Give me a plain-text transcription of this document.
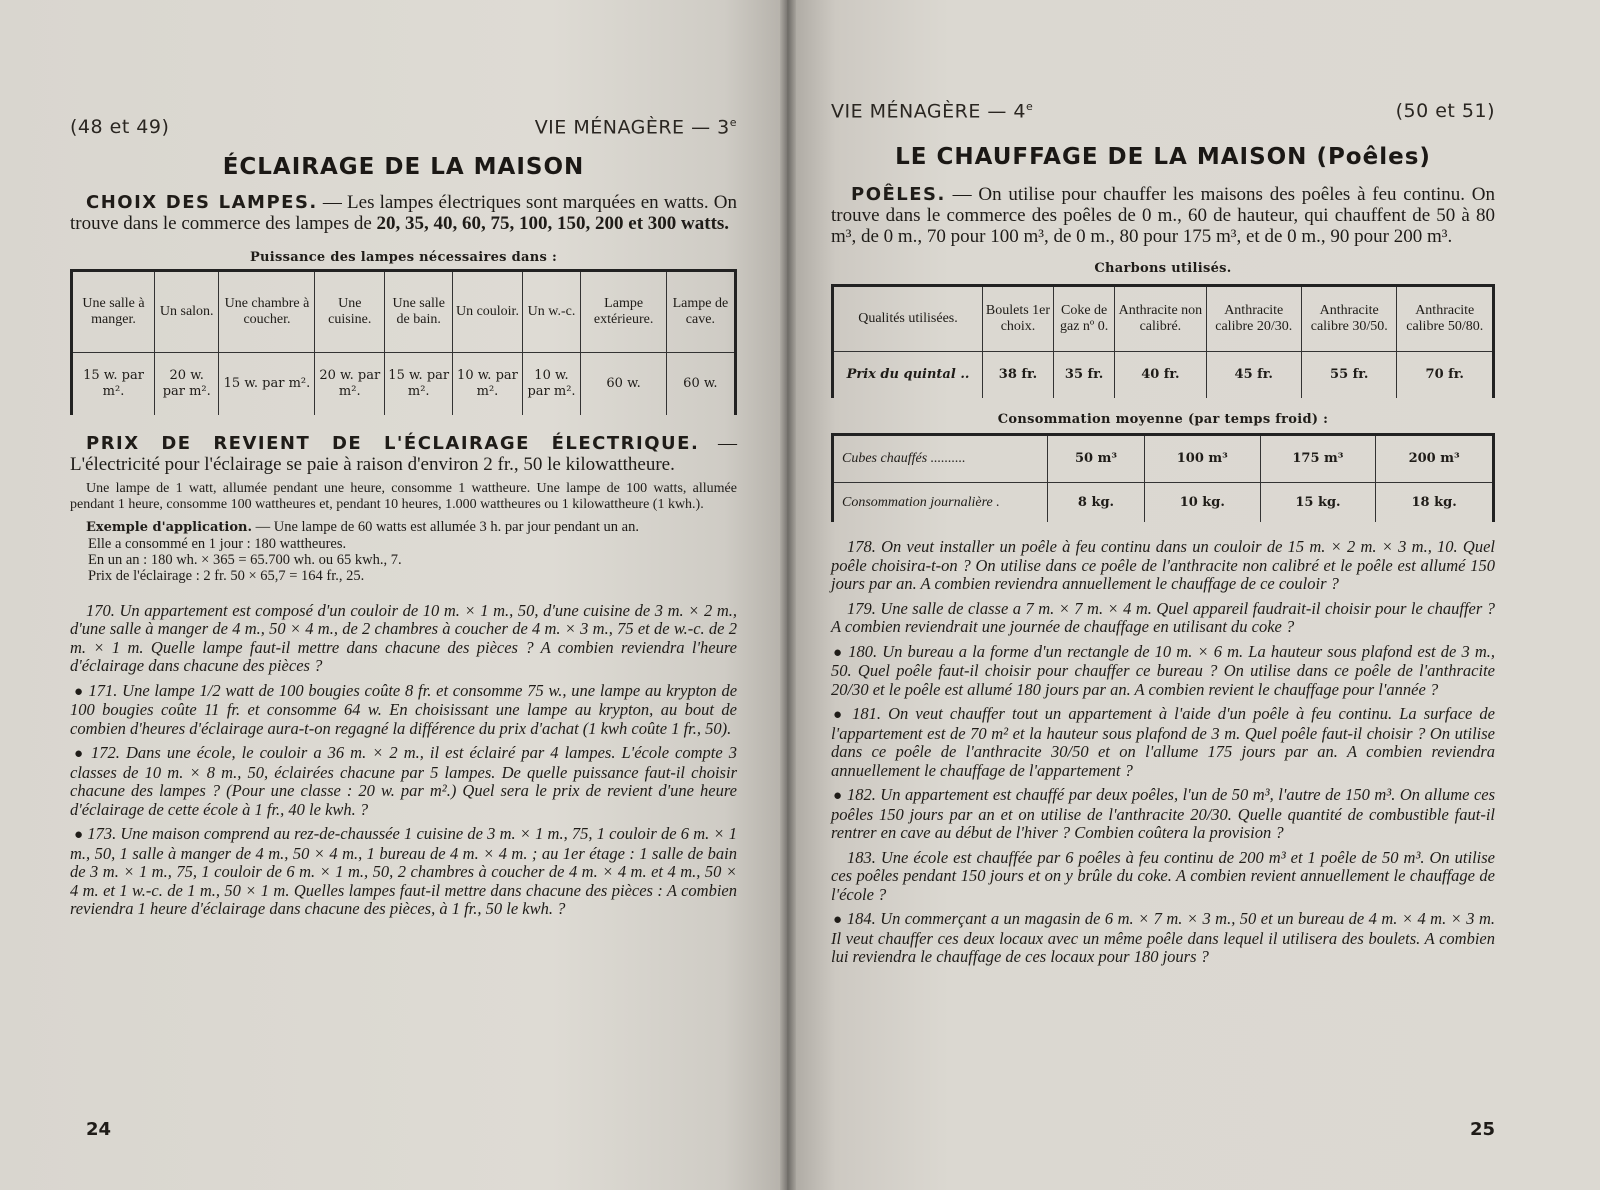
(48 et 49)	VIE MÉNAGÈRE — 3e
ÉCLAIRAGE DE LA MAISON

CHOIX DES LAMPES. — Les lampes électriques sont marquées en watts. On trouve dans le commerce des lampes de 20, 35, 40, 60, 75, 100, 150, 200 et 300 watts.

Puissance des lampes nécessaires dans :
Une salle à manger.	Un salon.	Une chambre à coucher.	Une cuisine.	Une salle de bain.	Un couloir.	Un w.-c.	Lampe extérieure.	Lampe de cave.
15 w. par m².	20 w. par m².	15 w. par m².	20 w. par m².	15 w. par m².	10 w. par m².	10 w. par m².	60 w.	60 w.

PRIX DE REVIENT DE L'ÉCLAIRAGE ÉLECTRIQUE. — L'électricité pour l'éclairage se paie à raison d'environ 2 fr., 50 le kilowattheure.

Une lampe de 1 watt, allumée pendant une heure, consomme 1 wattheure. Une lampe de 100 watts, allumée pendant 1 heure, consomme 100 wattheures et, pendant 10 heures, 1.000 wattheures ou 1 kilowattheure (1 kwh.).

Exemple d'application. — Une lampe de 60 watts est allumée 3 h. par jour pendant un an.
Elle a consommé en 1 jour : 180 wattheures.
En un an : 180 wh. × 365 = 65.700 wh. ou 65 kwh., 7.
Prix de l'éclairage : 2 fr. 50 × 65,7 = 164 fr., 25.

170. Un appartement est composé d'un couloir de 10 m. × 1 m., 50, d'une cuisine de 3 m. × 2 m., d'une salle à manger de 4 m., 50 × 4 m., de 2 chambres à coucher de 4 m. × 3 m., 75 et de w.-c. de 2 m. × 1 m. Quelle lampe faut-il mettre dans chacune des pièces ? A combien reviendra l'heure d'éclairage dans chacune des pièces ?

● 171. Une lampe 1/2 watt de 100 bougies coûte 8 fr. et consomme 75 w., une lampe au krypton de 100 bougies coûte 11 fr. et consomme 64 w. En choisissant une lampe au krypton, au bout de combien d'heures d'éclairage aura-t-on regagné la différence du prix d'achat (1 kwh coûte 1 fr., 50).

● 172. Dans une école, le couloir a 36 m. × 2 m., il est éclairé par 4 lampes. L'école compte 3 classes de 10 m. × 8 m., 50, éclairées chacune par 5 lampes. De quelle puissance faut-il choisir chacune des lampes ? (Pour une classe : 20 w. par m².) Quel sera le prix de revient d'une heure d'éclairage de cette école à 1 fr., 40 le kwh. ?

● 173. Une maison comprend au rez-de-chaussée 1 cuisine de 3 m. × 1 m., 75, 1 couloir de 6 m. × 1 m., 50, 1 salle à manger de 4 m., 50 × 4 m., 1 bureau de 4 m. × 4 m. ; au 1er étage : 1 salle de bain de 3 m. × 1 m., 75, 1 couloir de 6 m. × 1 m., 50, 2 chambres à coucher de 4 m. × 4 m. et 4 m., 50 × 4 m. et 1 w.-c. de 1 m., 50 × 1 m. Quelles lampes faut-il mettre dans chacune des pièces : A combien reviendra 1 heure d'éclairage dans chacune des pièces, à 1 fr., 50 le kwh. ?

24
VIE MÉNAGÈRE — 4e	(50 et 51)
LE CHAUFFAGE DE LA MAISON (Poêles)

POÊLES. — On utilise pour chauffer les maisons des poêles à feu continu. On trouve dans le commerce des poêles de 0 m., 60 de hauteur, qui chauffent de 50 à 80 m³, de 0 m., 70 pour 100 m³, de 0 m., 80 pour 175 m³, et de 0 m., 90 pour 200 m³.

Charbons utilisés.
Qualités utilisées.	Boulets 1er choix.	Coke de gaz nº 0.	Anthracite non calibré.	Anthracite calibre 20/30.	Anthracite calibre 30/50.	Anthracite calibre 50/80.
Prix du quintal ..	38 fr.	35 fr.	40 fr.	45 fr.	55 fr.	70 fr.
Consommation moyenne (par temps froid) :
Cubes chauffés ..........	50 m³	100 m³	175 m³	200 m³
Consommation journalière .	8 kg.	10 kg.	15 kg.	18 kg.

178. On veut installer un poêle à feu continu dans un couloir de 15 m. × 2 m. × 3 m., 10. Quel poêle choisira-t-on ? On utilise dans ce poêle de l'anthracite non calibré et le poêle est allumé 150 jours par an. A combien reviendra annuellement le chauffage de ce couloir ?

179. Une salle de classe a 7 m. × 7 m. × 4 m. Quel appareil faudrait-il choisir pour le chauffer ? A combien reviendrait une journée de chauffage en utilisant du coke ?

● 180. Un bureau a la forme d'un rectangle de 10 m. × 6 m. La hauteur sous plafond est de 3 m., 50. Quel poêle faut-il choisir pour chauffer ce bureau ? On utilise dans ce poêle de l'anthracite 20/30 et le poêle est allumé 180 jours par an. A combien revient le chauffage pour l'année ?

● 181. On veut chauffer tout un appartement à l'aide d'un poêle à feu continu. La surface de l'appartement est de 70 m² et la hauteur sous plafond de 3 m. Quel poêle faut-il choisir ? On utilise dans ce poêle de l'anthracite 30/50 et on l'allume 175 jours par an. A combien reviendra annuellement le chauffage de l'appartement ?

● 182. Un appartement est chauffé par deux poêles, l'un de 50 m³, l'autre de 150 m³. On allume ces poêles 150 jours par an et on utilise de l'anthracite 20/30. Quelle quantité de combustible faut-il rentrer en cave au début de l'hiver ? Combien coûtera la provision ?

183. Une école est chauffée par 6 poêles à feu continu de 200 m³ et 1 poêle de 50 m³. On utilise ces poêles pendant 150 jours et on y brûle du coke. A combien revient annuellement le chauffage de l'école ?

● 184. Un commerçant a un magasin de 6 m. × 7 m. × 3 m., 50 et un bureau de 4 m. × 4 m. × 3 m. Il veut chauffer ces deux locaux avec un même poêle dans lequel il utilisera des boulets. A combien lui reviendra le chauffage de ces locaux pour 180 jours ?

25
